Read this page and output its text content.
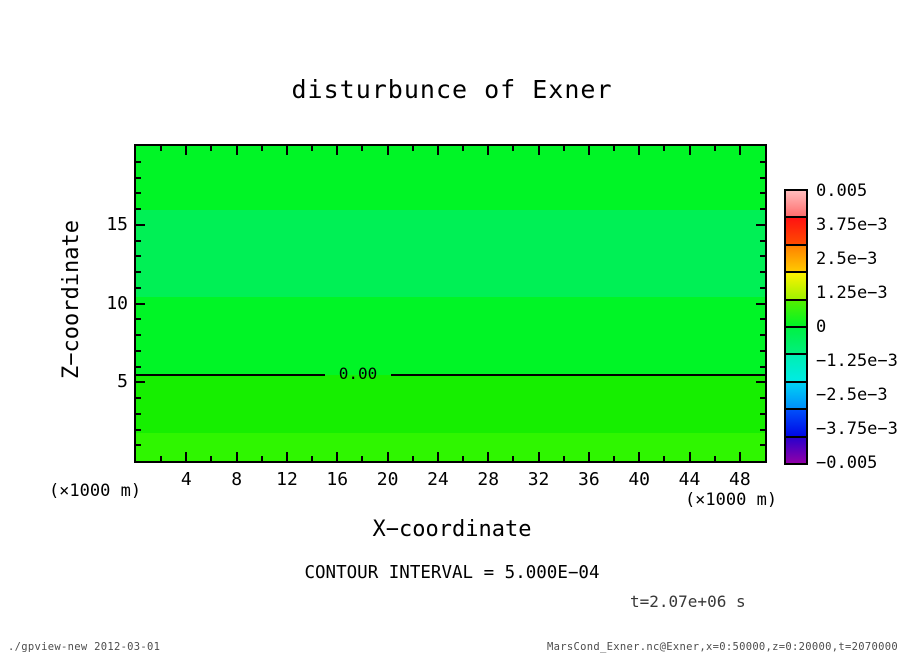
disturbunce of Exner
0.00
Z−coordinate
X−coordinate
(×1000 m)	(×1000 m)
CONTOUR INTERVAL = 5.000E−04
t=2.07e+06 s
./gpview-new 2012-03-01	MarsCond_Exner.nc@Exner,x=0:50000,z=0:20000,t=2070000
4	8	12	16	20	24	28	32	36	40	44	48
5
10
15
0.005
3.75e−3
2.5e−3
1.25e−3
0
−1.25e−3
−2.5e−3
−3.75e−3
−0.005
